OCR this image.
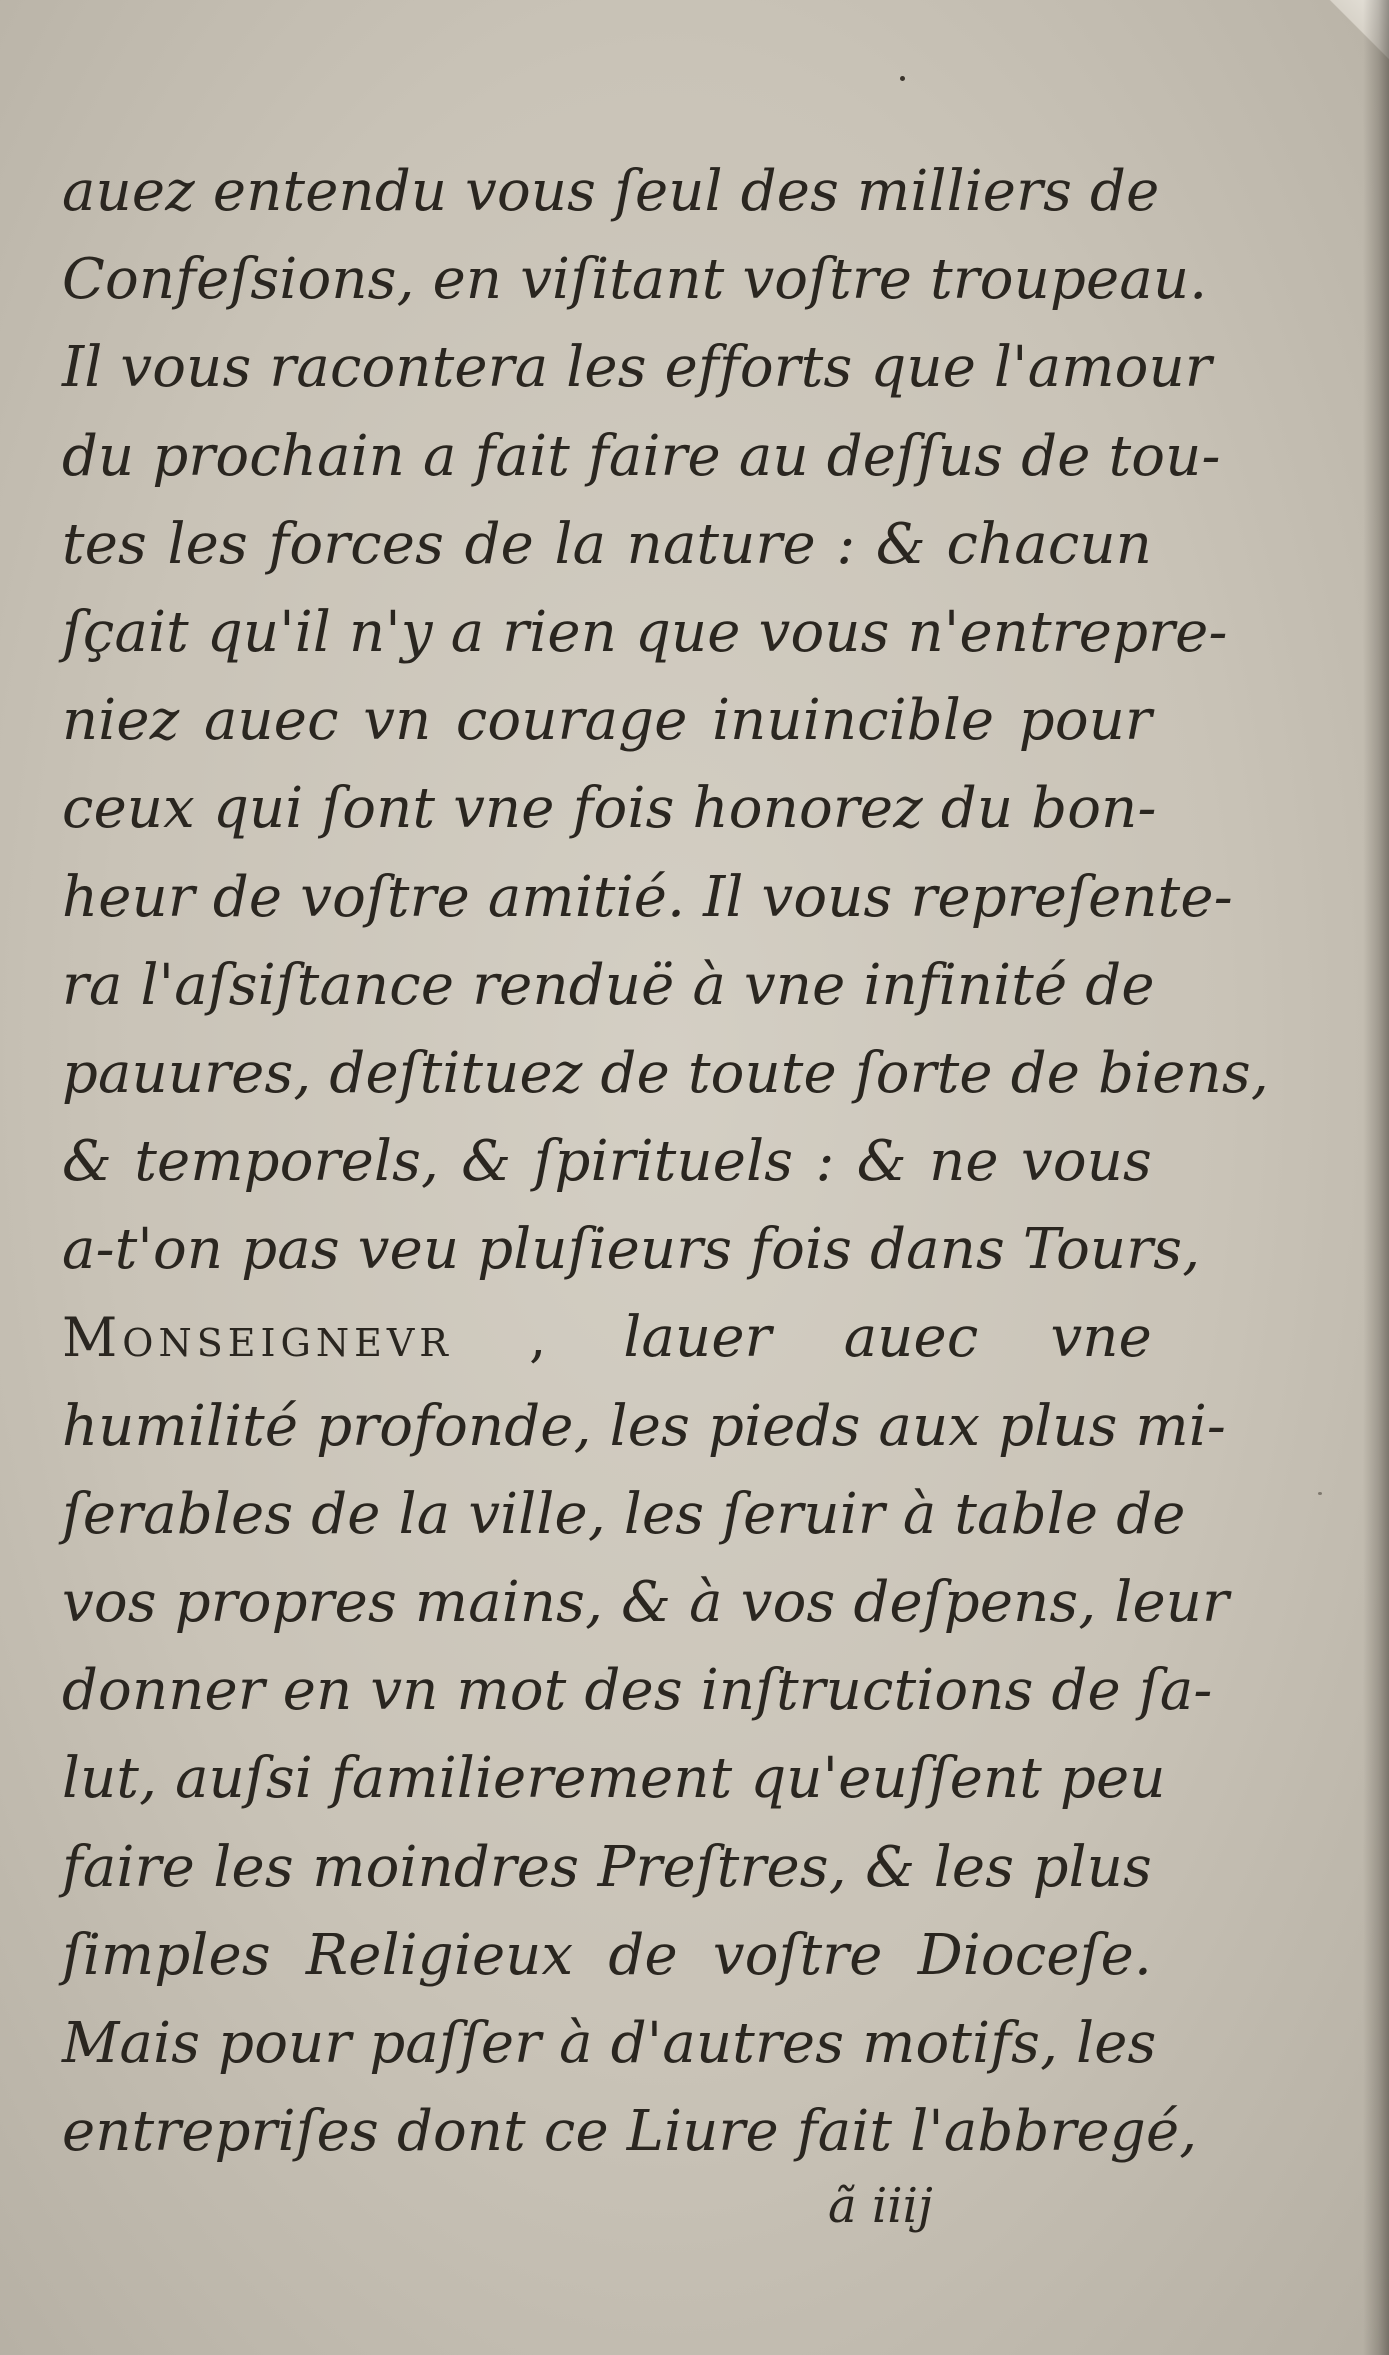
auez entendu vous ſeul des milliers de
Confeſsions, en viſitant voſtre troupeau.
Il vous racontera les efforts que l'amour
du prochain a fait faire au deſſus de tou-
tes les forces de la nature : & chacun
ſçait qu'il n'y a rien que vous n'entrepre-
niez auec vn courage inuincible pour
ceux qui ſont vne fois honorez du bon-
heur de voſtre amitié. Il vous repreſente-
ra l'aſsiſtance renduë à vne infinité de
pauures, deſtituez de toute ſorte de biens,
& temporels, & ſpirituels : & ne vous
a-t'on pas veu pluſieurs fois dans Tours,
Monseignevr , lauer auec vne
humilité profonde, les pieds aux plus mi-
ſerables de la ville, les ſeruir à table de
vos propres mains, & à vos deſpens, leur
donner en vn mot des inſtructions de ſa-
lut, auſsi familierement qu'euſſent peu
faire les moindres Preſtres, & les plus
ſimples Religieux de voſtre Dioceſe.
Mais pour paſſer à d'autres motifs, les
entrepriſes dont ce Liure fait l'abbregé,
ã iiij
